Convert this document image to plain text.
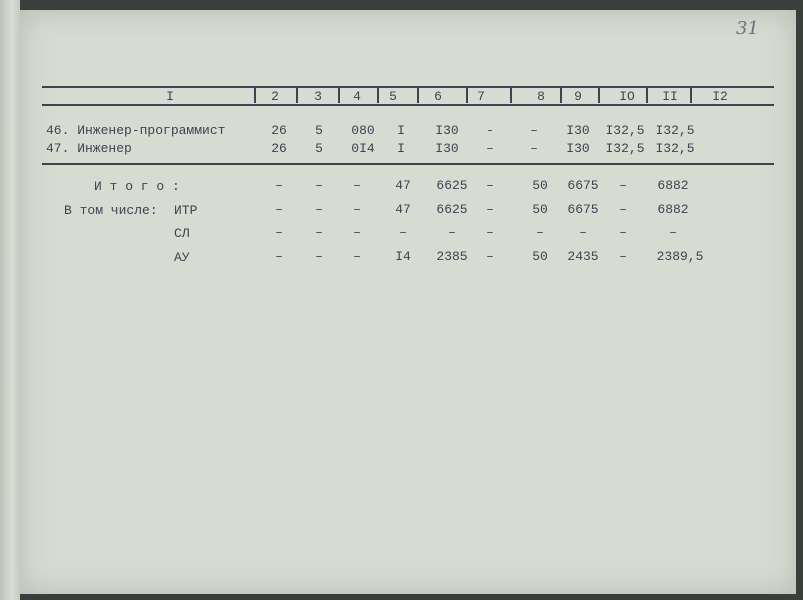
31
I	2	3	4	5	6	7	8	9	IO	II	I2
46. Инженер-программист	26	5	080	I	I30	-	–	I30 I32,5 I32,5
47. Инженер	26	5	0I4	I	I30	–	–	I30 I32,5 I32,5
И т о г о :	–	–	–	47	6625	–	50	6675	–	6882
В том числе: ИТР	–	–	–	47	6625	–	50	6675	–	6882
СЛ	–	–	–	–	–	–	–	–	–	–
АУ	–	–	–	I4	2385	–	50	2435	–	2389,5
